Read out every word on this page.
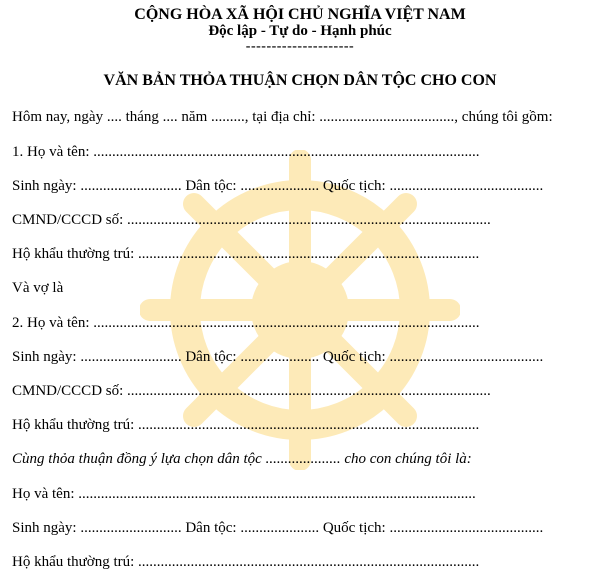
CỘNG HÒA XÃ HỘI CHỦ NGHĨA VIỆT NAM
Độc lập - Tự do - Hạnh phúc
---------------------
VĂN BẢN THỎA THUẬN CHỌN DÂN TỘC CHO CON
Hôm nay, ngày .... tháng .... năm ........., tại địa chỉ: ...................................., chúng tôi gồm:
1. Họ và tên: .......................................................................................................
Sinh ngày: ........................... Dân tộc: ..................... Quốc tịch: .........................................
CMND/CCCD số: .................................................................................................
Hộ khẩu thường trú: ...........................................................................................
Và vợ là
2. Họ và tên: .......................................................................................................
Sinh ngày: ........................... Dân tộc: ..................... Quốc tịch: .........................................
CMND/CCCD số: .................................................................................................
Hộ khẩu thường trú: ...........................................................................................
Cùng thỏa thuận đồng ý lựa chọn dân tộc .................... cho con chúng tôi là:
Họ và tên: ..........................................................................................................
Sinh ngày: ........................... Dân tộc: ..................... Quốc tịch: .........................................
Hộ khẩu thường trú: ...........................................................................................
